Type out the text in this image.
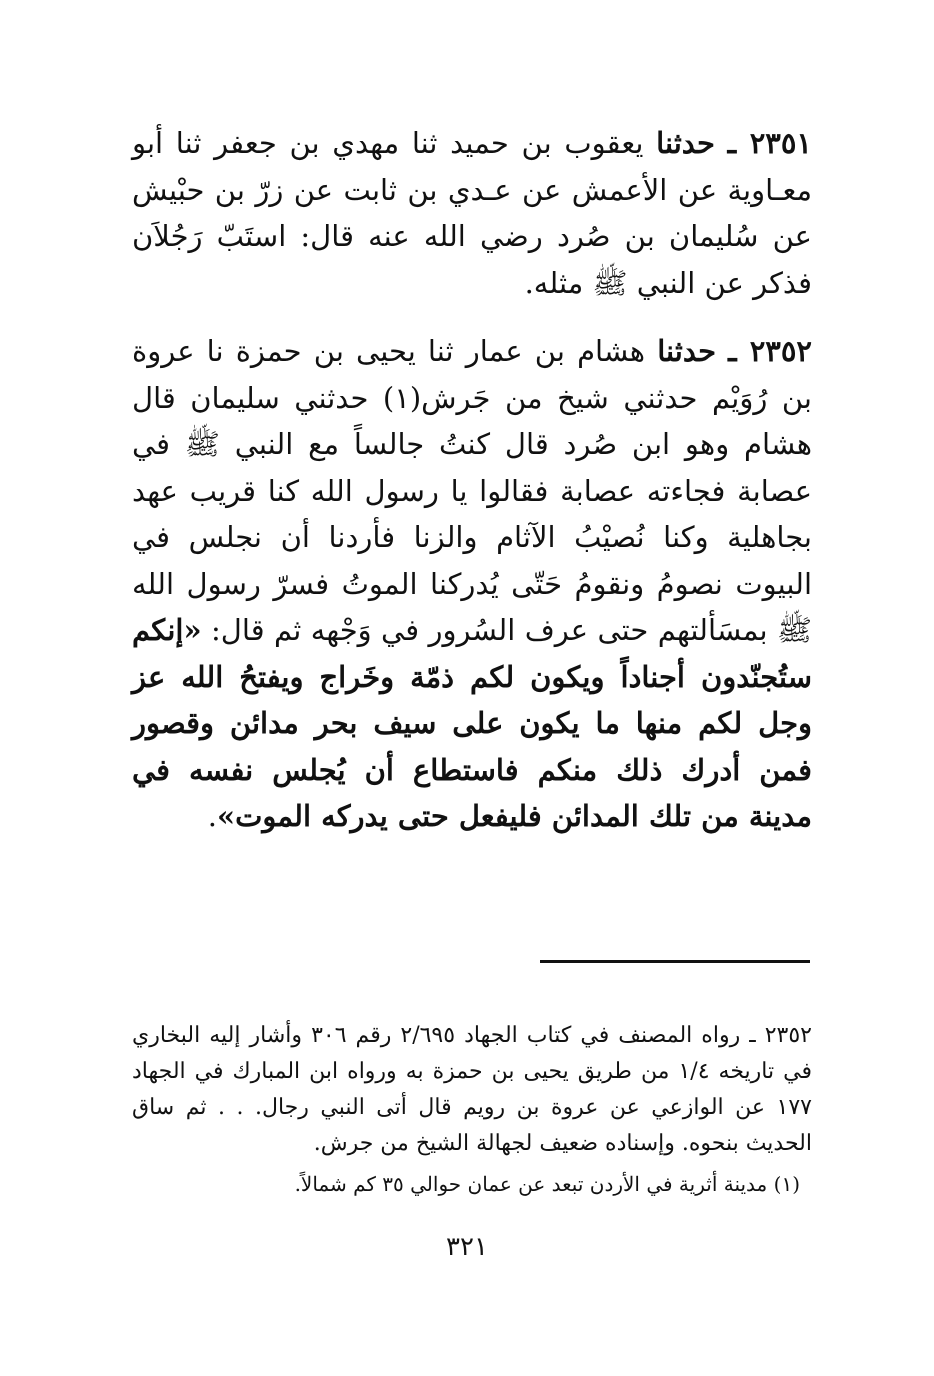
٢٣٥١ ـ حدثنا يعقوب بن حميد ثنا مهدي بن جعفر ثنا أبو معـاوية عن الأعمش عن عـدي بن ثابت عن زرّ بن حبْيش عن سُليمان بن صُرد رضي الله عنه قال: استَبّ رَجُلاَن فذكر عن النبي ﷺ مثله.

٢٣٥٢ ـ حدثنا هشام بن عمار ثنا يحيى بن حمزة نا عروة بن رُوَيْم حدثني شيخ من جَرش(١) حدثني سليمان قال هشام وهو ابن صُرد قال كنتُ جالساً مع النبي ﷺ في عصابة فجاءته عصابة فقالوا يا رسول الله كنا قريب عهد بجاهلية وكنا نُصيْبُ الآثام والزنا فأردنا أن نجلس في البيوت نصومُ ونقومُ حَتّى يُدركنا الموتُ فسرّ رسول الله ﷺ بمسَألتهم حتى عرف السُرور في وَجْهه ثم قال: «إنكم ستُجنّدون أجناداً ويكون لكم ذمّة وخَراج ويفتحُ الله عز وجل لكم منها ما يكون على سيف بحر مدائن وقصور فمن أدرك ذلك منكم فاستطاع أن يُجلس نفسه في مدينة من تلك المدائن فليفعل حتى يدركه الموت».

٢٣٥٢ ـ رواه المصنف في كتاب الجهاد ٢/٦٩٥ رقم ٣٠٦ وأشار إليه البخاري في تاريخه ١/٤ من طريق يحيى بن حمزة به ورواه ابن المبارك في الجهاد ١٧٧ عن الوازعي عن عروة بن رويم قال أتى النبي رجال. . . ثم ساق الحديث بنحوه. وإسناده ضعيف لجهالة الشيخ من جرش.

(١) مدينة أثرية في الأردن تبعد عن عمان حوالي ٣٥ كم شمالاً.

٣٢١
